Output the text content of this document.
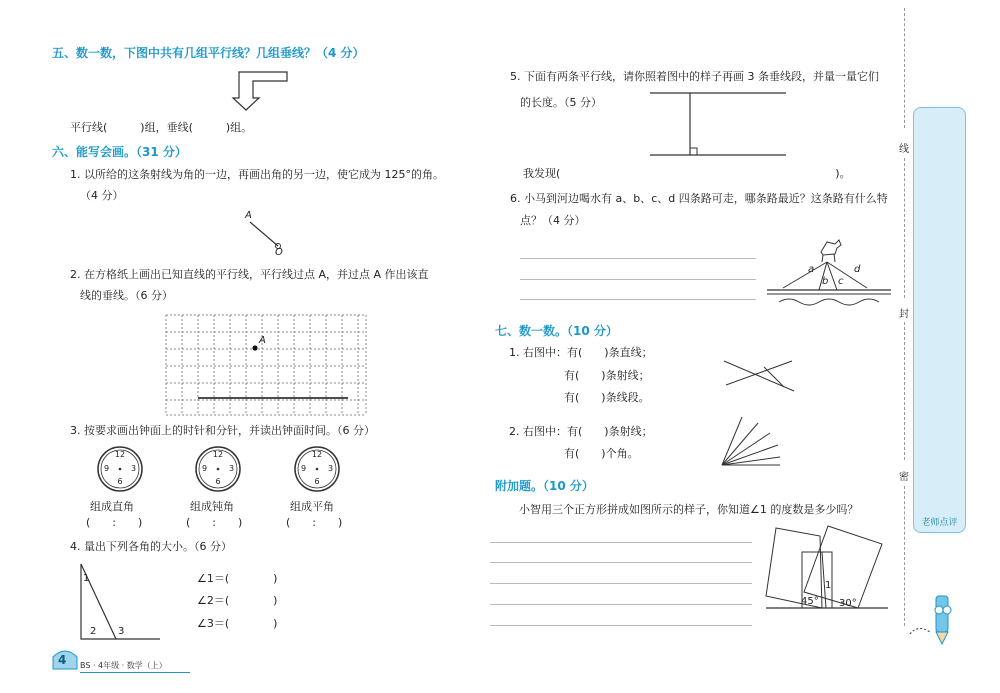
五、数一数，下图中共有几组平行线？几组垂线？（4 分）
平行线(　　　)组，垂线(　　　)组。
六、能写会画。（31 分）
1. 以所给的这条射线为角的一边，再画出角的另一边，使它成为 125°的角。
（4 分）
A
O
2. 在方格纸上画出已知直线的平行线，平行线过点 A，并过点 A 作出该直
线的垂线。（6 分）
A
3. 按要求画出钟面上的时针和分针，并读出钟面时间。（6 分）
12
9	3
6
12
9	3
6
12
9	3
6
组成直角
(　　:　　)
组成钝角
(　　:　　)
组成平角
(　　:　　)
4. 量出下列各角的大小。（6 分）
1
2 3
∠1＝(　　　　)
∠2＝(　　　　)
∠3＝(　　　　)
4 BS · 4年级 · 数学（上）
5. 下面有两条平行线，请你照着图中的样子再画 3 条垂线段，并量一量它们
的长度。（5 分）
我发现(　　　　　　　　　　　　　　　　　　　　　　　　　)。
6. 小马到河边喝水有 a、b、c、d 四条路可走，哪条路最近？这条路有什么特
点？（4 分）
a
b c
d
七、数一数。（10 分）
1. 右图中：有(　　)条直线；
有(　　)条射线；
有(　　)条线段。
2. 右图中：有(　　)条射线；
有(　　)个角。
附加题。（10 分）
小智用三个正方形拼成如图所示的样子，你知道∠1 的度数是多少吗？
1
45° 30°
线
封
密
老师点评
